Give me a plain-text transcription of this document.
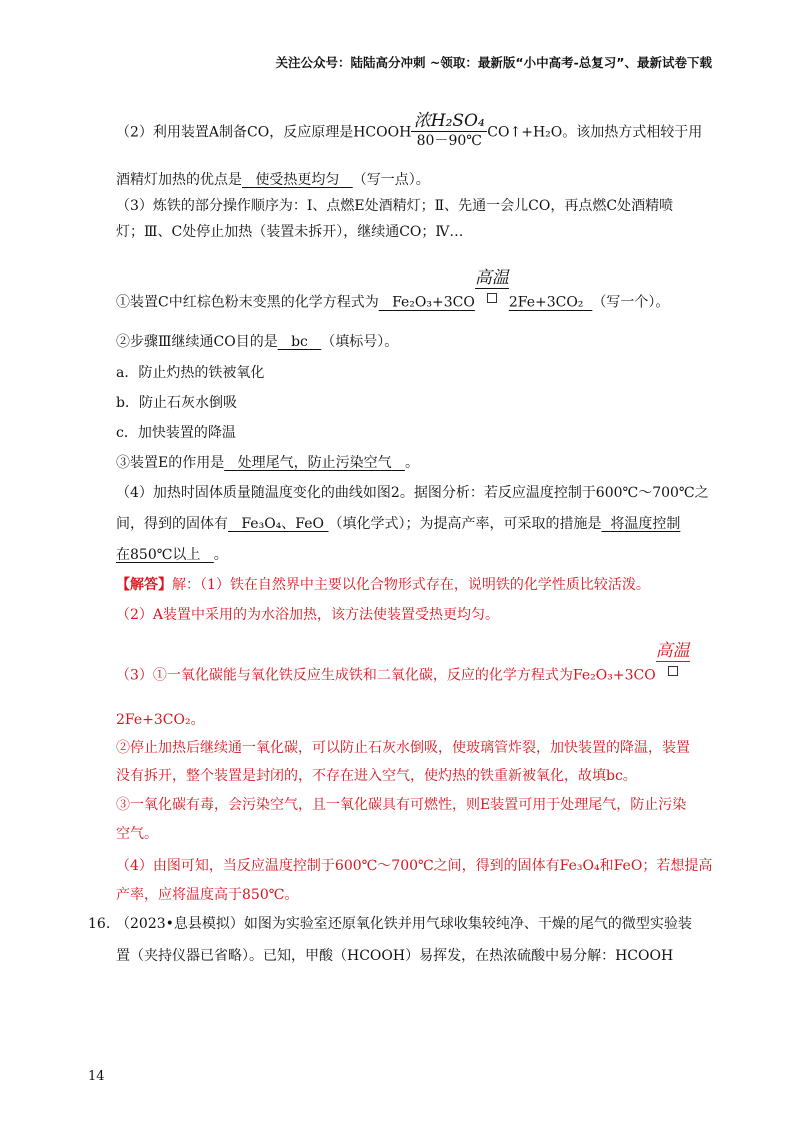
关注公众号：陆陆高分冲刺 ~领取：最新版“小中高考-总复习”、最新试卷下载
（2）利用装置A制备CO，反应原理是HCOOH
浓H₂SO₄
80－90℃
CO↑+H₂O。该加热方式相较于用
酒精灯加热的优点是 使受热更均匀 （写一点）。
（3）炼铁的部分操作顺序为：Ⅰ、点燃E处酒精灯；Ⅱ、先通一会儿CO，再点燃C处酒精喷
灯；Ⅲ、C处停止加热（装置未拆开），继续通CO；Ⅳ…
①装置C中红棕色粉末变黑的化学方程式为 Fe₂O₃+3CO
高温
2Fe+3CO₂ （写一个）。
②步骤Ⅲ继续通CO目的是 bc （填标号）。
a．防止灼热的铁被氧化
b．防止石灰水倒吸
c．加快装置的降温
③装置E的作用是 处理尾气，防止污染空气 。
（4）加热时固体质量随温度变化的曲线如图2。据图分析：若反应温度控制于600℃～700℃之
间，得到的固体有 Fe₃O₄、FeO （填化学式）；为提高产率，可采取的措施是 将温度控制
在850℃以上 。
【解答】解：（1）铁在自然界中主要以化合物形式存在，说明铁的化学性质比较活泼。
（2）A装置中采用的为水浴加热，该方法使装置受热更均匀。
（3）①一氧化碳能与氧化铁反应生成铁和二氧化碳，反应的化学方程式为Fe₂O₃+3CO
高温
2Fe+3CO₂。
②停止加热后继续通一氧化碳，可以防止石灰水倒吸，使玻璃管炸裂，加快装置的降温，装置
没有拆开，整个装置是封闭的，不存在进入空气，使灼热的铁重新被氧化，故填bc。
③一氧化碳有毒，会污染空气，且一氧化碳具有可燃性，则E装置可用于处理尾气，防止污染
空气。
（4）由图可知，当反应温度控制于600℃～700℃之间，得到的固体有Fe₃O₄和FeO；若想提高
产率，应将温度高于850℃。
（2023•息县模拟）如图为实验室还原氧化铁并用气球收集较纯净、干燥的尾气的微型实验装
置（夹持仪器已省略）。已知，甲酸（HCOOH）易挥发，在热浓硫酸中易分解：HCOOH
16.
14
